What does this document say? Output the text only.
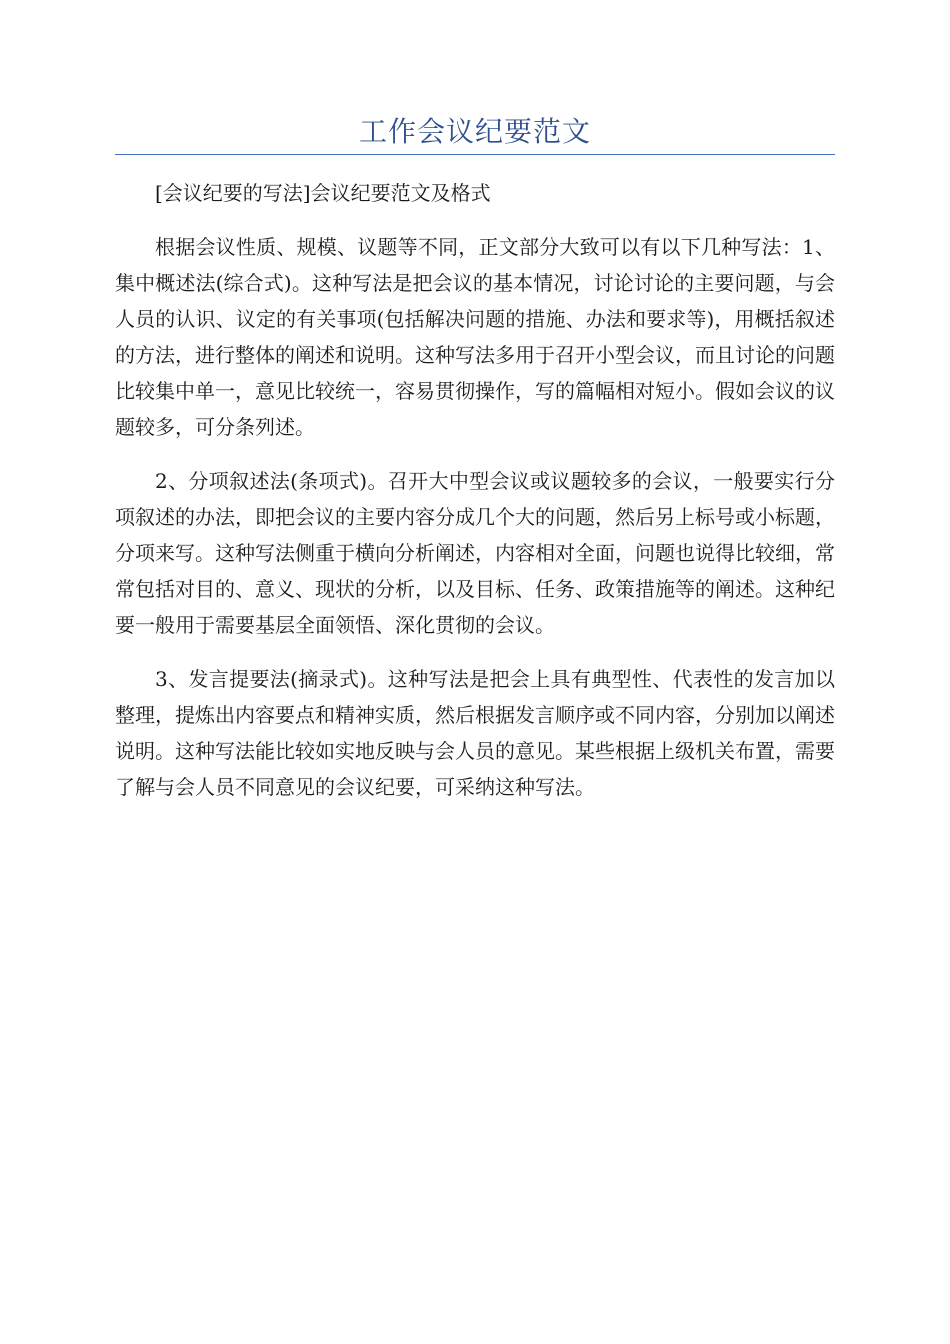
工作会议纪要范文

[会议纪要的写法]会议纪要范文及格式

根据会议性质、规模、议题等不同，正文部分大致可以有以下几种写法：1、集中概述法(综合式)。这种写法是把会议的基本情况，讨论讨论的主要问题，与会人员的认识、议定的有关事项(包括解决问题的措施、办法和要求等)，用概括叙述的方法，进行整体的阐述和说明。这种写法多用于召开小型会议，而且讨论的问题比较集中单一，意见比较统一，容易贯彻操作，写的篇幅相对短小。假如会议的议题较多，可分条列述。

2、分项叙述法(条项式)。召开大中型会议或议题较多的会议，一般要实行分项叙述的办法，即把会议的主要内容分成几个大的问题，然后另上标号或小标题，分项来写。这种写法侧重于横向分析阐述，内容相对全面，问题也说得比较细，常常包括对目的、意义、现状的分析，以及目标、任务、政策措施等的阐述。这种纪要一般用于需要基层全面领悟、深化贯彻的会议。

3、发言提要法(摘录式)。这种写法是把会上具有典型性、代表性的发言加以整理，提炼出内容要点和精神实质，然后根据发言顺序或不同内容，分别加以阐述说明。这种写法能比较如实地反映与会人员的意见。某些根据上级机关布置，需要了解与会人员不同意见的会议纪要，可采纳这种写法。
